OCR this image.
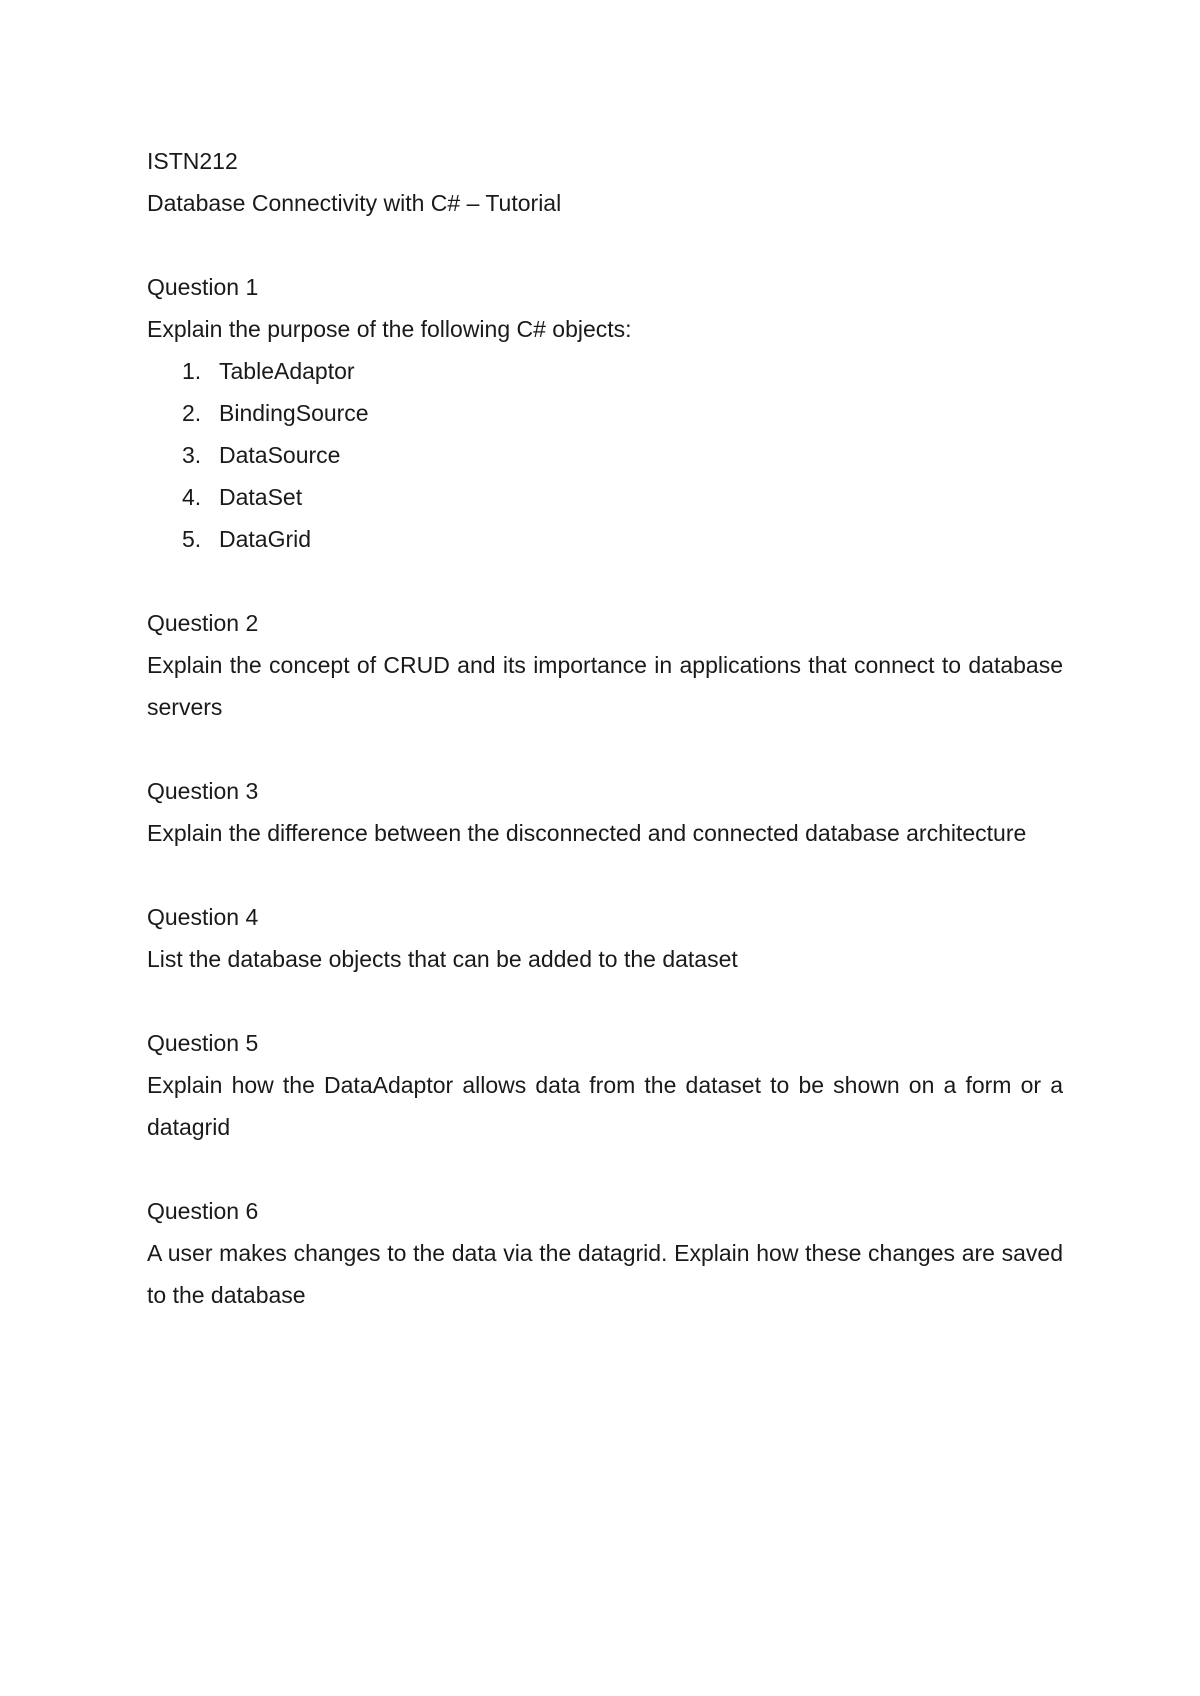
ISTN212

Database Connectivity with C# – Tutorial

Question 1

Explain the purpose of the following C# objects:

1. TableAdaptor
2. BindingSource
3. DataSource
4. DataSet
5. DataGrid

Question 2

Explain the concept of CRUD and its importance in applications that connect to database servers

Question 3

Explain the difference between the disconnected and connected database architecture

Question 4

List the database objects that can be added to the dataset

Question 5

Explain how the DataAdaptor allows data from the dataset to be shown on a form or a datagrid

Question 6

A user makes changes to the data via the datagrid. Explain how these changes are saved to the database
